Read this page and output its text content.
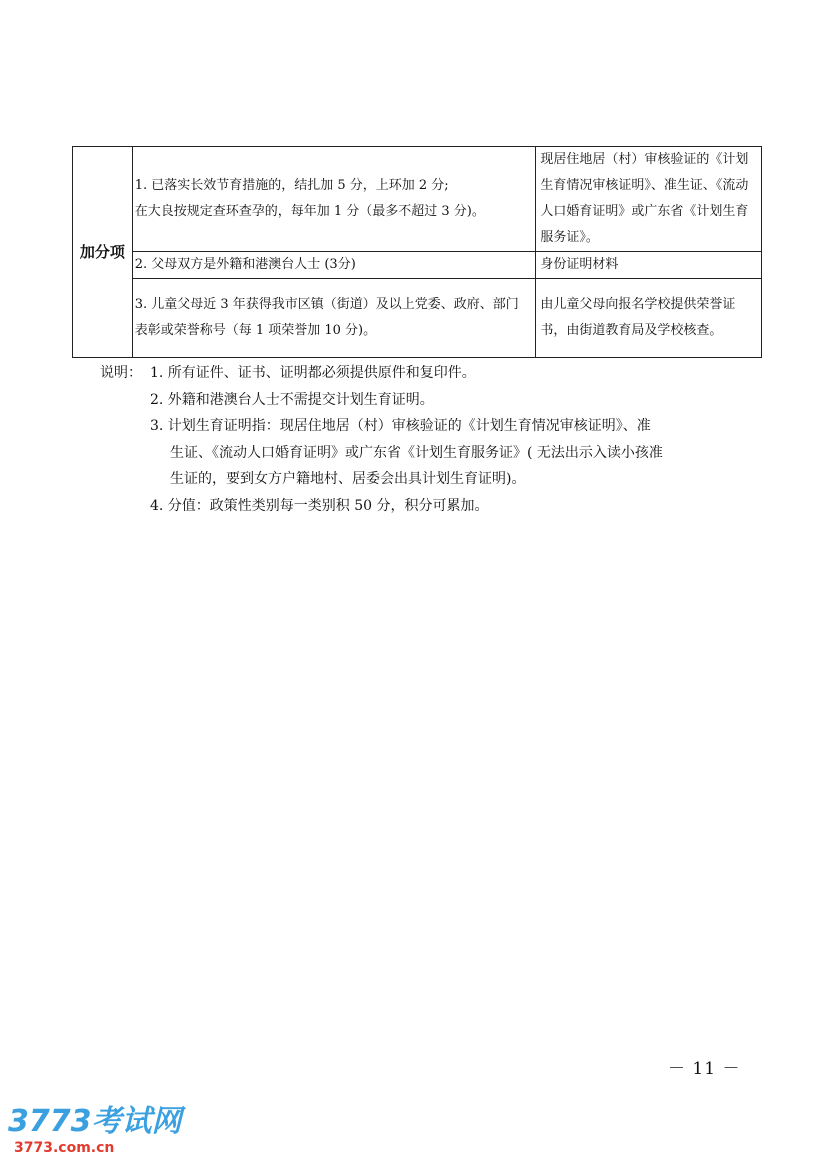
加分项	1. 已落实长效节育措施的，结扎加 5 分，上环加 2 分;
在大良按规定查环查孕的，每年加 1 分（最多不超过 3 分)。	现居住地居（村）审核验证的《计划
生育情况审核证明》、准生证、《流动
人口婚育证明》或广东省《计划生育
服务证》。

	2. 父母双方是外籍和港澳台人士 (3分)	身份证明材料

	3. 儿童父母近 3 年获得我市区镇（街道）及以上党委、政府、部门
表彰或荣誉称号（每 1 项荣誉加 10 分)。	由儿童父母向报名学校提供荣誉证
书，由街道教育局及学校核查。
说明： 1. 所有证件、证书、证明都必须提供原件和复印件。
2. 外籍和港澳台人士不需提交计划生育证明。
3. 计划生育证明指：现居住地居（村）审核验证的《计划生育情况审核证明》、准
生证、《流动人口婚育证明》或广东省《计划生育服务证》( 无法出示入读小孩准
生证的，要到女方户籍地村、居委会出具计划生育证明)。
4. 分值：政策性类别每一类别积 50 分，积分可累加。
－ 11 －
3773考试网
3773.com.cn
